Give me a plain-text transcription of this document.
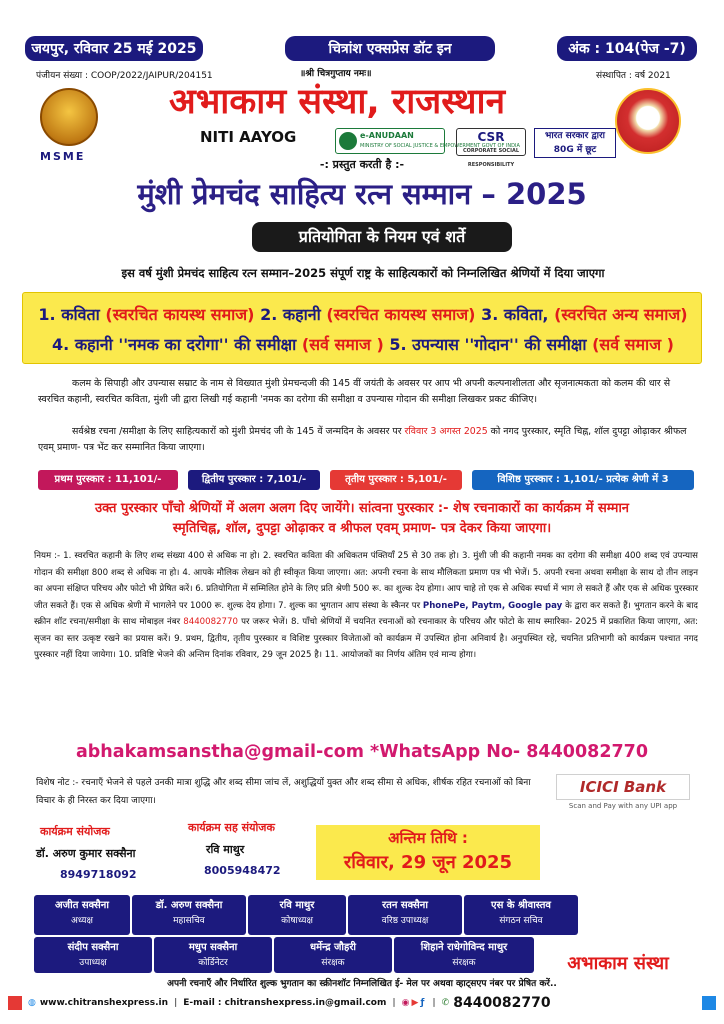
जयपुर, रविवार 25 मई 2025	चित्रांश एक्सप्रेस डॉट इन	अंक : 104(पेज -7)
पंजीयन संख्या : COOP/2022/JAIPUR/204151	॥श्री चित्रगुप्ताय नमः॥	संस्थापित : वर्ष 2021
MSME
अभाकाम संस्था, राजस्थान
NITI AAYOG	e-ANUDAAN
MINISTRY OF SOCIAL JUSTICE & EMPOWERMENT GOVT OF INDIA
CSR
CORPORATE SOCIAL RESPONSIBILITY
भारत सरकार द्वारा
80G में छूट
-: प्रस्तुत करती है :-
मुंशी प्रेमचंद साहित्य रत्न सम्मान – 2025
प्रतियोगिता के नियम एवं शर्ते
इस वर्ष मुंशी प्रेमचंद साहित्य रत्न सम्मान–2025 संपूर्ण राष्ट्र के साहित्यकारों को निम्नलिखित श्रेणियों में दिया जाएगा
1. कविता (स्वरचित कायस्थ समाज) 2. कहानी (स्वरचित कायस्थ समाज) 3. कविता, (स्वरचित अन्य समाज)
4. कहानी ''नमक का दरोगा'' की समीक्षा (सर्व समाज ) 5. उपन्यास ''गोदान'' की समीक्षा (सर्व समाज )
कलम के सिपाही और उपन्यास सम्राट के नाम से विख्यात मुंशी प्रेमचन्दजी की 145 वीं जयंती के अवसर पर आप भी अपनी कल्पनाशीलता और सृजनात्मकता को कलम की धार से स्वरचित कहानी, स्वरचित कविता, मुंशी जी द्वारा लिखी गई कहानी 'नमक का दरोगा की समीक्षा व उपन्यास गोदान की समीक्षा लिखकर प्रकट कीजिए।
सर्वश्रेष्ठ रचना /समीक्षा के लिए साहित्यकारों को मुंशी प्रेमचंद जी के 145 वें जन्मदिन के अवसर पर रविवार 3 अगस्त 2025 को नगद पुरस्कार, स्मृति चिह्न, शॉल दुपट्टा ओढ़ाकर श्रीफल एवम् प्रमाण- पत्र भेंट कर सम्मानित किया जाएगा।
प्रथम पुरस्कार : 11,101/-	द्वितीय पुरस्कार : 7,101/-	तृतीय पुरस्कार : 5,101/-	विशिष्ठ पुरस्कार : 1,101/- प्रत्येक श्रेणी में 3
उक्त पुरस्कार पाँचो श्रेणियों में अलग अलग दिए जायेंगे। सांत्वना पुरस्कार :- शेष रचनाकारों का कार्यक्रम में सम्मान
स्मृतिचिह्न, शॉल, दुपट्टा ओढ़ाकर व श्रीफल एवम् प्रमाण- पत्र देकर किया जाएगा।
नियम :- 1. स्वरचित कहानी के लिए शब्द संख्या 400 से अधिक ना हो। 2. स्वरचित कविता की अधिकतम पंक्तियाँ 25 से 30 तक हो। 3. मुंशी जी की कहानी नमक का दरोगा की समीक्षा 400 शब्द एवं उपन्यास गोदान की समीक्षा 800 शब्द से अधिक ना हो। 4. आपके मौलिक लेखन को ही स्वीकृत किया जाएगा। अत: अपनी रचना के साथ मौलिकता प्रमाण पत्र भी भेजें। 5. अपनी रचना अथवा समीक्षा के साथ दो तीन लाइन का अपना संक्षिप्त परिचय और फोटो भी प्रेषित करें। 6. प्रतियोगिता में सम्मिलित होने के लिए प्रति श्रेणी 500 रू. का शुल्क देय होगा। आप चाहे तो एक से अधिक स्पर्धा में भाग ले सकते हैं और एक से अधिक पुरस्कार जीत सकते हैं। एक से अधिक श्रेणी में भागलेने पर 1000 रू. शुल्क देय होगा। 7. शुल्क का भुगतान आप संस्था के स्कैनर पर PhonePe, Paytm, Google pay के द्वारा कर सकते हैं। भुगतान करने के बाद स्क्रीन शॉट रचना/समीक्षा के साथ मोबाइल नंबर 8440082770 पर जरूर भेजें। 8. पाँचो श्रेणियों में चयनित रचनाओं को रचनाकार के परिचय और फोटो के साथ स्मारिका- 2025 में प्रकाशित किया जाएगा, अत: सृजन का स्तर उत्कृष्ट रखने का प्रयास करें। 9. प्रथम, द्वितीय, तृतीय पुरस्कार व विशिष्ट पुरस्कार विजेताओं को कार्यक्रम में उपस्थित होना अनिवार्य है। अनुपस्थित रहे, चयनित प्रतिभागी को कार्यक्रम पश्चात नगद पुरस्कार नहीं दिया जायेगा। 10. प्रविष्टि भेजने की अन्तिम दिनांक रविवार, 29 जून 2025 है। 11. आयोजकों का निर्णय अंतिम एवं मान्य होगा।
abhakamsanstha@gmail-com *WhatsApp No- 8440082770
विशेष नोट :- रचनाएँ भेजने से पहले उनकी मात्रा शुद्धि और शब्द सीमा जांच लें, अशुद्धियों युक्त और शब्द सीमा से अधिक, शीर्षक रहित रचनाओं को बिना विचार के ही निरस्त कर दिया जाएगा।
ICICI Bank
Scan and Pay with any UPI app
कार्यक्रम संयोजक
डॉ. अरुण कुमार सक्सैना
8949718092
कार्यक्रम सह संयोजक
रवि माथुर
8005948472
अन्तिम तिथि :
रविवार, 29 जून 2025
अजीत सक्सैना
अध्यक्ष
डॉ. अरुण सक्सैना
महासचिव
रवि माथुर
कोषाध्यक्ष
रतन सक्सैना
वरिष्ठ उपाध्यक्ष
एस के श्रीवास्तव
संगठन सचिव
संदीप सक्सैना
उपाध्यक्ष
मधुप सक्सैना
कोर्डिनेटर
धर्मेन्द्र जौहरी
संरक्षक
शिहाने राधेगोविन्द माथुर
संरक्षक	अभाकाम संस्था
अपनी रचनाएँ और निर्धारित शुल्क भुगतान का स्क्रीनशॉट निम्नलिखित ई- मेल पर अथवा व्हाट्सएप नंबर पर प्रेषित करें..
◍ www.chitranshexpress.in | E-mail : chitranshexpress.in@gmail.com | ◉ ▶ ƒ | ✆ 8440082770
